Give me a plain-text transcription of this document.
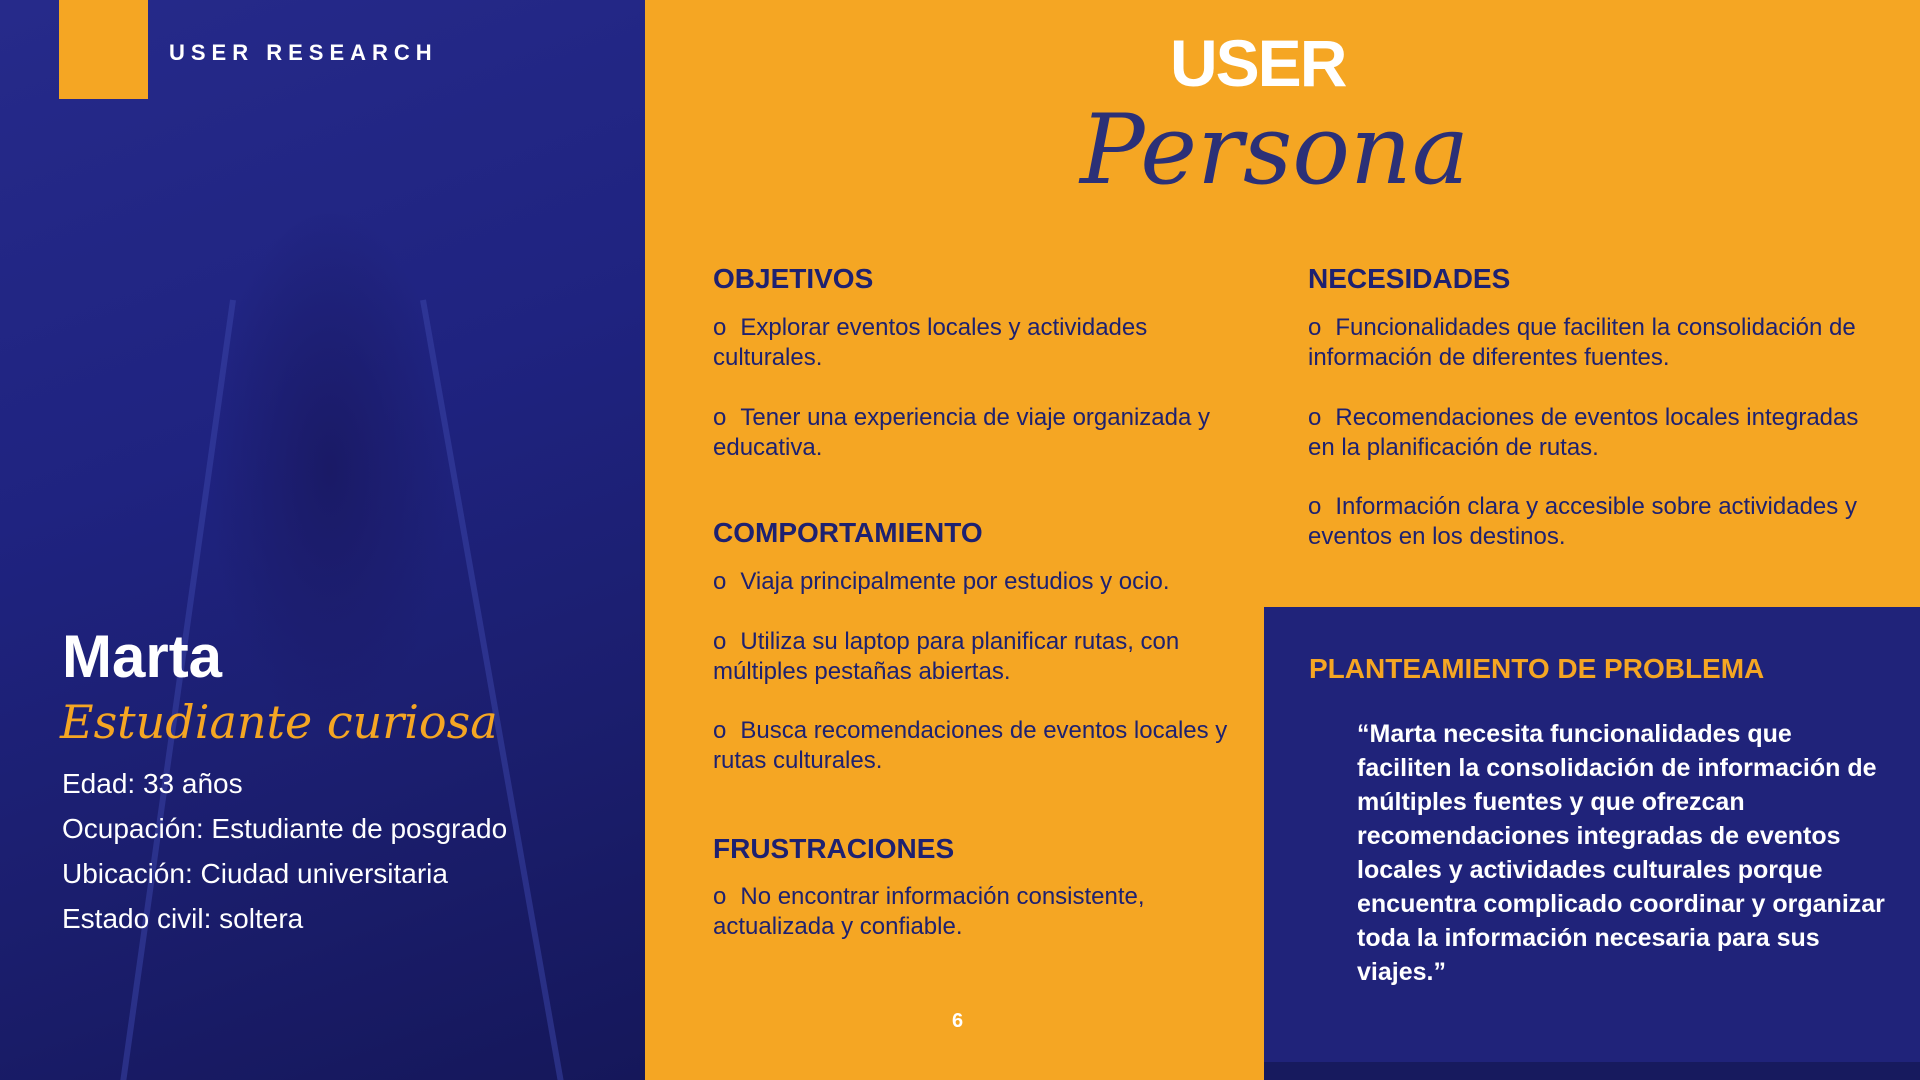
USER RESEARCH
Marta
Estudiante curiosa
Edad: 33 años
Ocupación: Estudiante de posgrado
Ubicación: Ciudad universitaria
Estado civil: soltera
USER
Persona
OBJETIVOS
o Explorar eventos locales y actividades culturales.
o Tener una experiencia de viaje organizada y educativa.
COMPORTAMIENTO
o Viaja principalmente por estudios y ocio.
o Utiliza su laptop para planificar rutas, con múltiples pestañas abiertas.
o Busca recomendaciones de eventos locales y rutas culturales.
FRUSTRACIONES
o No encontrar información consistente, actualizada y confiable.
NECESIDADES
o Funcionalidades que faciliten la consolidación de información de diferentes fuentes.
o Recomendaciones de eventos locales integradas en la planificación de rutas.
o Información clara y accesible sobre actividades y eventos en los destinos.
PLANTEAMIENTO DE PROBLEMA
“Marta necesita funcionalidades que faciliten la consolidación de información de múltiples fuentes y que ofrezcan recomendaciones integradas de eventos locales y actividades culturales porque encuentra complicado coordinar y organizar toda la información necesaria para sus viajes.”
6
